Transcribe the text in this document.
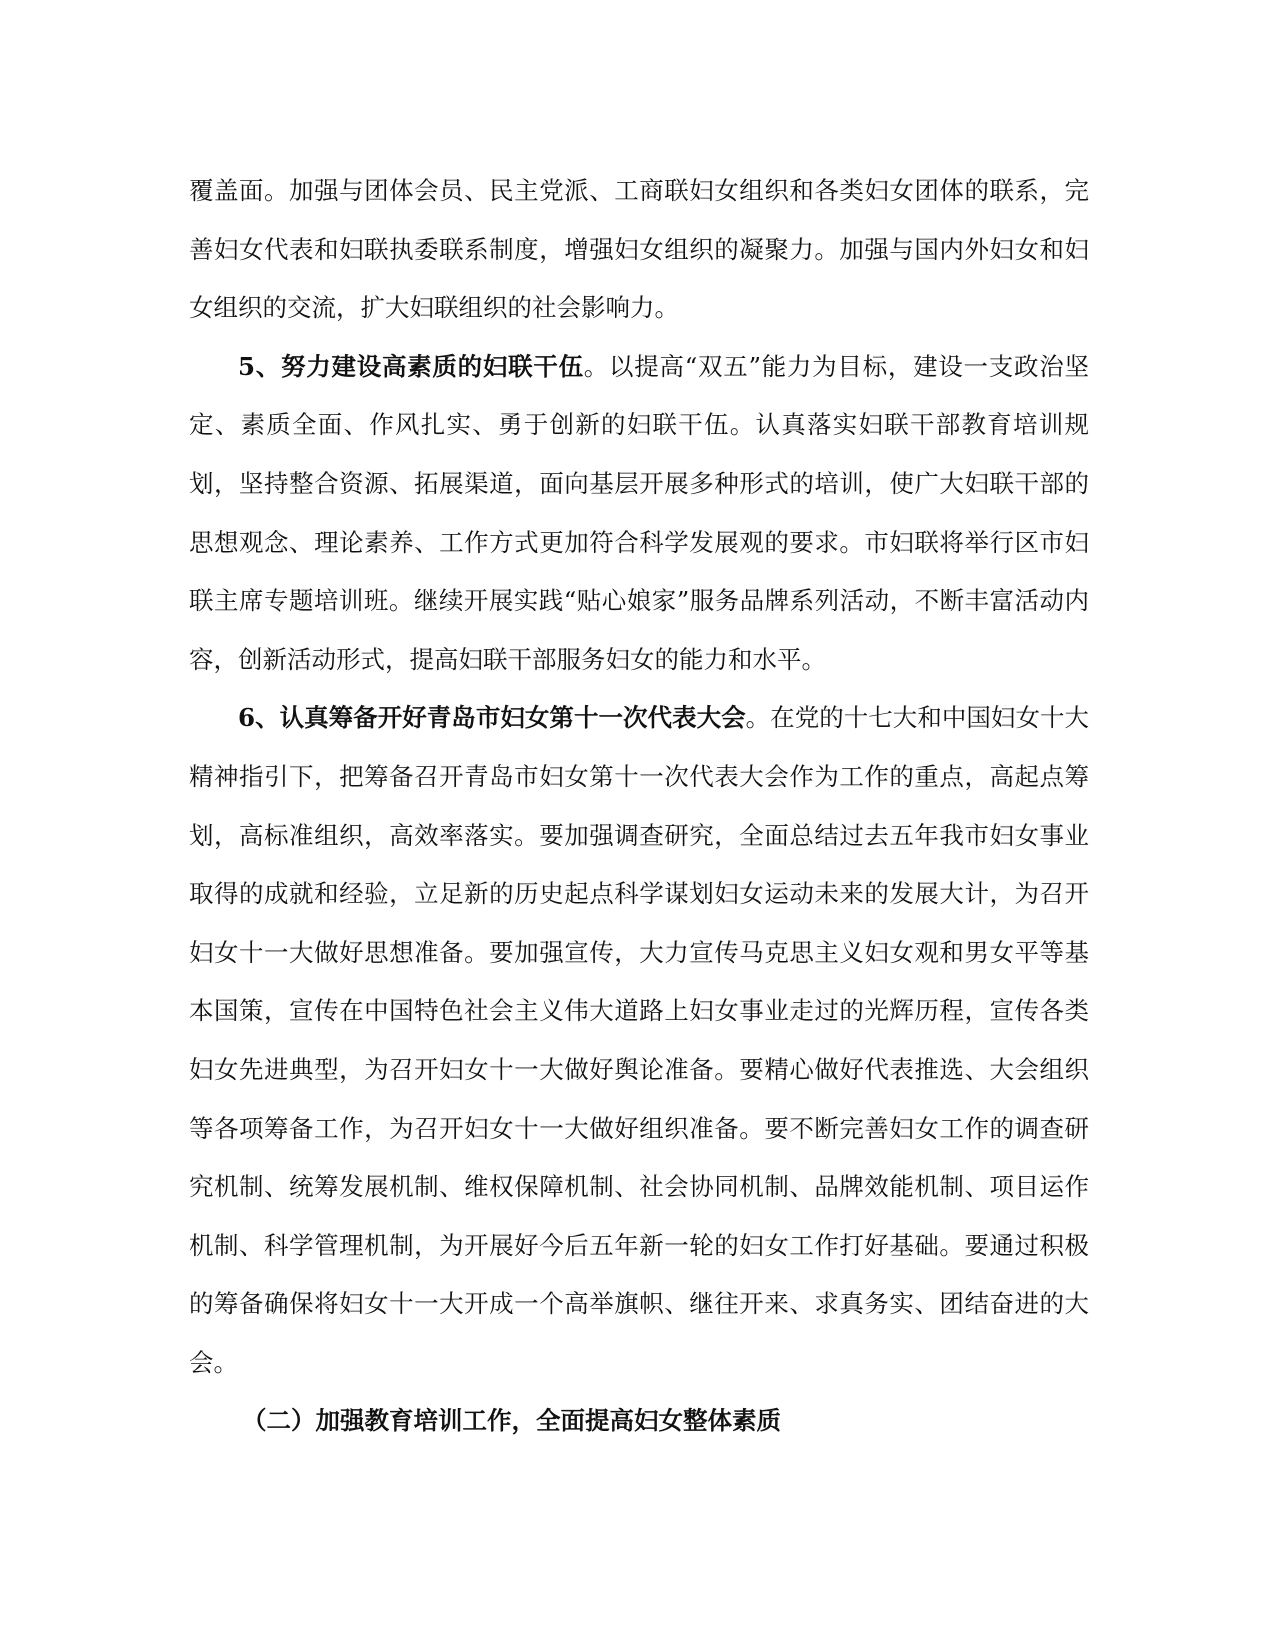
覆盖面。加强与团体会员、民主党派、工商联妇女组织和各类妇女团体的联系，完善妇女代表和妇联执委联系制度，增强妇女组织的凝聚力。加强与国内外妇女和妇女组织的交流，扩大妇联组织的社会影响力。

5、努力建设高素质的妇联干伍。以提高“双五”能力为目标，建设一支政治坚定、素质全面、作风扎实、勇于创新的妇联干伍。认真落实妇联干部教育培训规划，坚持整合资源、拓展渠道，面向基层开展多种形式的培训，使广大妇联干部的思想观念、理论素养、工作方式更加符合科学发展观的要求。市妇联将举行区市妇联主席专题培训班。继续开展实践“贴心娘家”服务品牌系列活动，不断丰富活动内容，创新活动形式，提高妇联干部服务妇女的能力和水平。

6、认真筹备开好青岛市妇女第十一次代表大会。在党的十七大和中国妇女十大精神指引下，把筹备召开青岛市妇女第十一次代表大会作为工作的重点，高起点筹划，高标准组织，高效率落实。要加强调查研究，全面总结过去五年我市妇女事业取得的成就和经验，立足新的历史起点科学谋划妇女运动未来的发展大计，为召开妇女十一大做好思想准备。要加强宣传，大力宣传马克思主义妇女观和男女平等基本国策，宣传在中国特色社会主义伟大道路上妇女事业走过的光辉历程，宣传各类妇女先进典型，为召开妇女十一大做好舆论准备。要精心做好代表推选、大会组织等各项筹备工作，为召开妇女十一大做好组织准备。要不断完善妇女工作的调查研究机制、统筹发展机制、维权保障机制、社会协同机制、品牌效能机制、项目运作机制、科学管理机制，为开展好今后五年新一轮的妇女工作打好基础。要通过积极的筹备确保将妇女十一大开成一个高举旗帜、继往开来、求真务实、团结奋进的大会。

（二）加强教育培训工作，全面提高妇女整体素质
